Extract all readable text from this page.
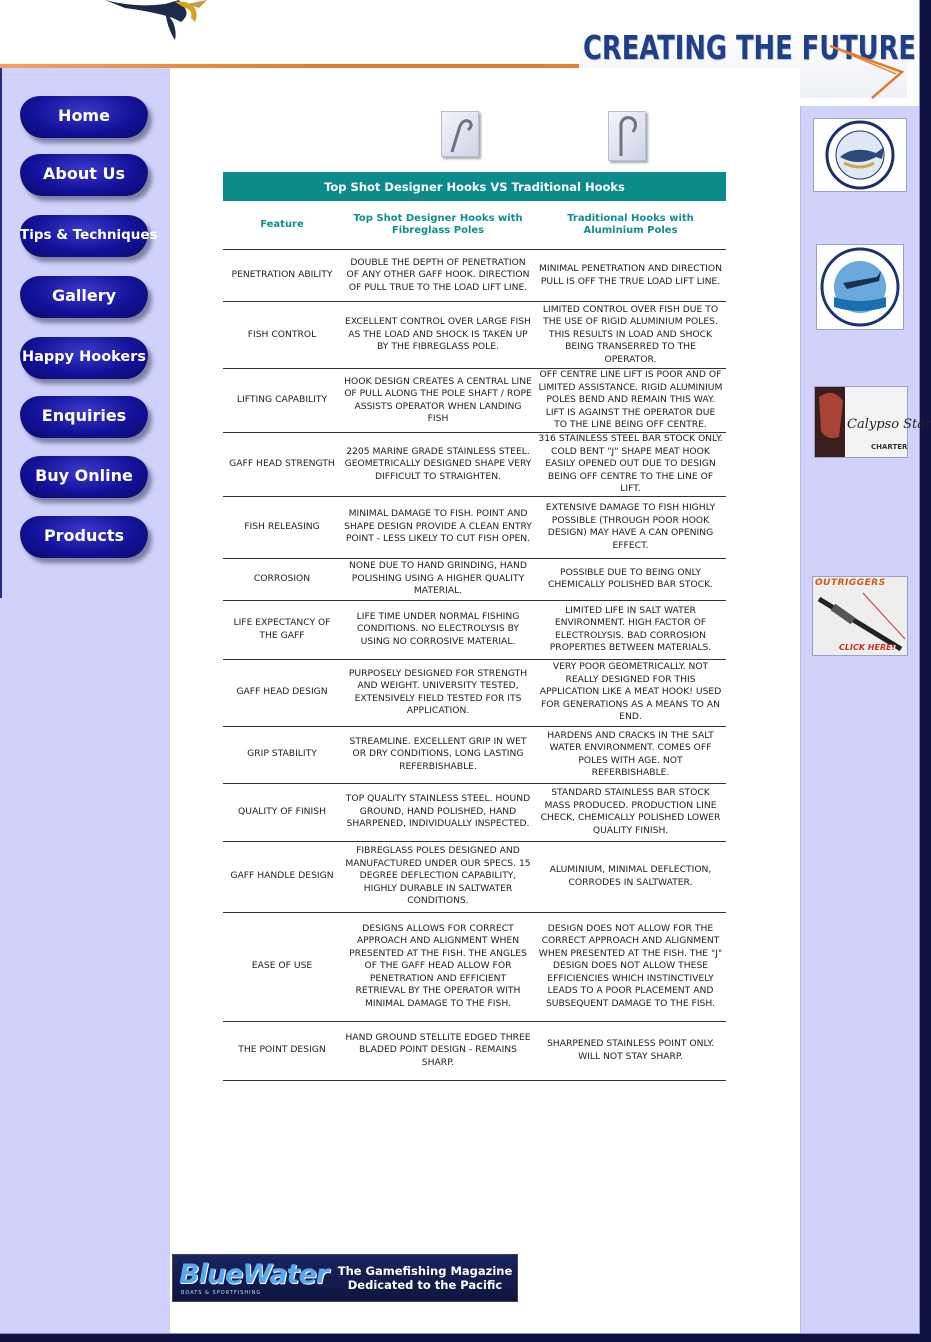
CREATING THE FUTURE
Home
About Us
Tips & Techniques
Gallery
Happy Hookers
Enquiries
Buy Online
Products
Top Shot Designer Hooks VS Traditional Hooks		
Feature	Top Shot Designer Hooks with Fibreglass Poles	Traditional Hooks with Aluminium Poles
PENETRATION ABILITY	DOUBLE THE DEPTH OF PENETRATION OF ANY OTHER GAFF HOOK. DIRECTION OF PULL TRUE TO THE LOAD LIFT LINE.	MINIMAL PENETRATION AND DIRECTION PULL IS OFF THE TRUE LOAD LIFT LINE.
FISH CONTROL	EXCELLENT CONTROL OVER LARGE FISH AS THE LOAD AND SHOCK IS TAKEN UP BY THE FIBREGLASS POLE.	LIMITED CONTROL OVER FISH DUE TO THE USE OF RIGID ALUMINIUM POLES. THIS RESULTS IN LOAD AND SHOCK BEING TRANSERRED TO THE OPERATOR.
LIFTING CAPABILITY	HOOK DESIGN CREATES A CENTRAL LINE OF PULL ALONG THE POLE SHAFT / ROPE ASSISTS OPERATOR WHEN LANDING FISH	OFF CENTRE LINE LIFT IS POOR AND OF LIMITED ASSISTANCE. RIGID ALUMINIUM POLES BEND AND REMAIN THIS WAY. LIFT IS AGAINST THE OPERATOR DUE TO THE LINE BEING OFF CENTRE.
GAFF HEAD STRENGTH	2205 MARINE GRADE STAINLESS STEEL. GEOMETRICALLY DESIGNED SHAPE VERY DIFFICULT TO STRAIGHTEN.	316 STAINLESS STEEL BAR STOCK ONLY. COLD BENT "J" SHAPE MEAT HOOK EASILY OPENED OUT DUE TO DESIGN BEING OFF CENTRE TO THE LINE OF LIFT.
FISH RELEASING	MINIMAL DAMAGE TO FISH. POINT AND SHAPE DESIGN PROVIDE A CLEAN ENTRY POINT - LESS LIKELY TO CUT FISH OPEN.	EXTENSIVE DAMAGE TO FISH HIGHLY POSSIBLE (THROUGH POOR HOOK DESIGN) MAY HAVE A CAN OPENING EFFECT.
CORROSION	NONE DUE TO HAND GRINDING, HAND POLISHING USING A HIGHER QUALITY MATERIAL.	POSSIBLE DUE TO BEING ONLY CHEMICALLY POLISHED BAR STOCK.
LIFE EXPECTANCY OF THE GAFF	LIFE TIME UNDER NORMAL FISHING CONDITIONS. NO ELECTROLYSIS BY USING NO CORROSIVE MATERIAL.	LIMITED LIFE IN SALT WATER ENVIRONMENT. HIGH FACTOR OF ELECTROLYSIS. BAD CORROSION PROPERTIES BETWEEN MATERIALS.
GAFF HEAD DESIGN	PURPOSELY DESIGNED FOR STRENGTH AND WEIGHT. UNIVERSITY TESTED, EXTENSIVELY FIELD TESTED FOR ITS APPLICATION.	VERY POOR GEOMETRICALLY. NOT REALLY DESIGNED FOR THIS APPLICATION LIKE A MEAT HOOK! USED FOR GENERATIONS AS A MEANS TO AN END.
GRIP STABILITY	STREAMLINE. EXCELLENT GRIP IN WET OR DRY CONDITIONS, LONG LASTING REFERBISHABLE.	HARDENS AND CRACKS IN THE SALT WATER ENVIRONMENT. COMES OFF POLES WITH AGE. NOT REFERBISHABLE.
QUALITY OF FINISH	TOP QUALITY STAINLESS STEEL. HOUND GROUND, HAND POLISHED, HAND SHARPENED, INDIVIDUALLY INSPECTED.	STANDARD STAINLESS BAR STOCK MASS PRODUCED. PRODUCTION LINE CHECK, CHEMICALLY POLISHED LOWER QUALITY FINISH.
GAFF HANDLE DESIGN	FIBREGLASS POLES DESIGNED AND MANUFACTURED UNDER OUR SPECS. 15 DEGREE DEFLECTION CAPABILITY, HIGHLY DURABLE IN SALTWATER CONDITIONS.	ALUMINIUM, MINIMAL DEFLECTION, CORRODES IN SALTWATER.
EASE OF USE	DESIGNS ALLOWS FOR CORRECT APPROACH AND ALIGNMENT WHEN PRESENTED AT THE FISH. THE ANGLES OF THE GAFF HEAD ALLOW FOR PENETRATION AND EFFICIENT RETRIEVAL BY THE OPERATOR WITH MINIMAL DAMAGE TO THE FISH.	DESIGN DOES NOT ALLOW FOR THE CORRECT APPROACH AND ALIGNMENT WHEN PRESENTED AT THE FISH. THE "J" DESIGN DOES NOT ALLOW THESE EFFICIENCIES WHICH INSTINCTIVELY LEADS TO A POOR PLACEMENT AND SUBSEQUENT DAMAGE TO THE FISH.
THE POINT DESIGN	HAND GROUND STELLITE EDGED THREE BLADED POINT DESIGN - REMAINS SHARP.	SHARPENED STAINLESS POINT ONLY. WILL NOT STAY SHARP.
BlueWater
BOATS & SPORTFISHING
The Gamefishing Magazine
Dedicated to the Pacific
Calypso Star
CHARTER
OUTRIGGERS
CLICK HERE!
